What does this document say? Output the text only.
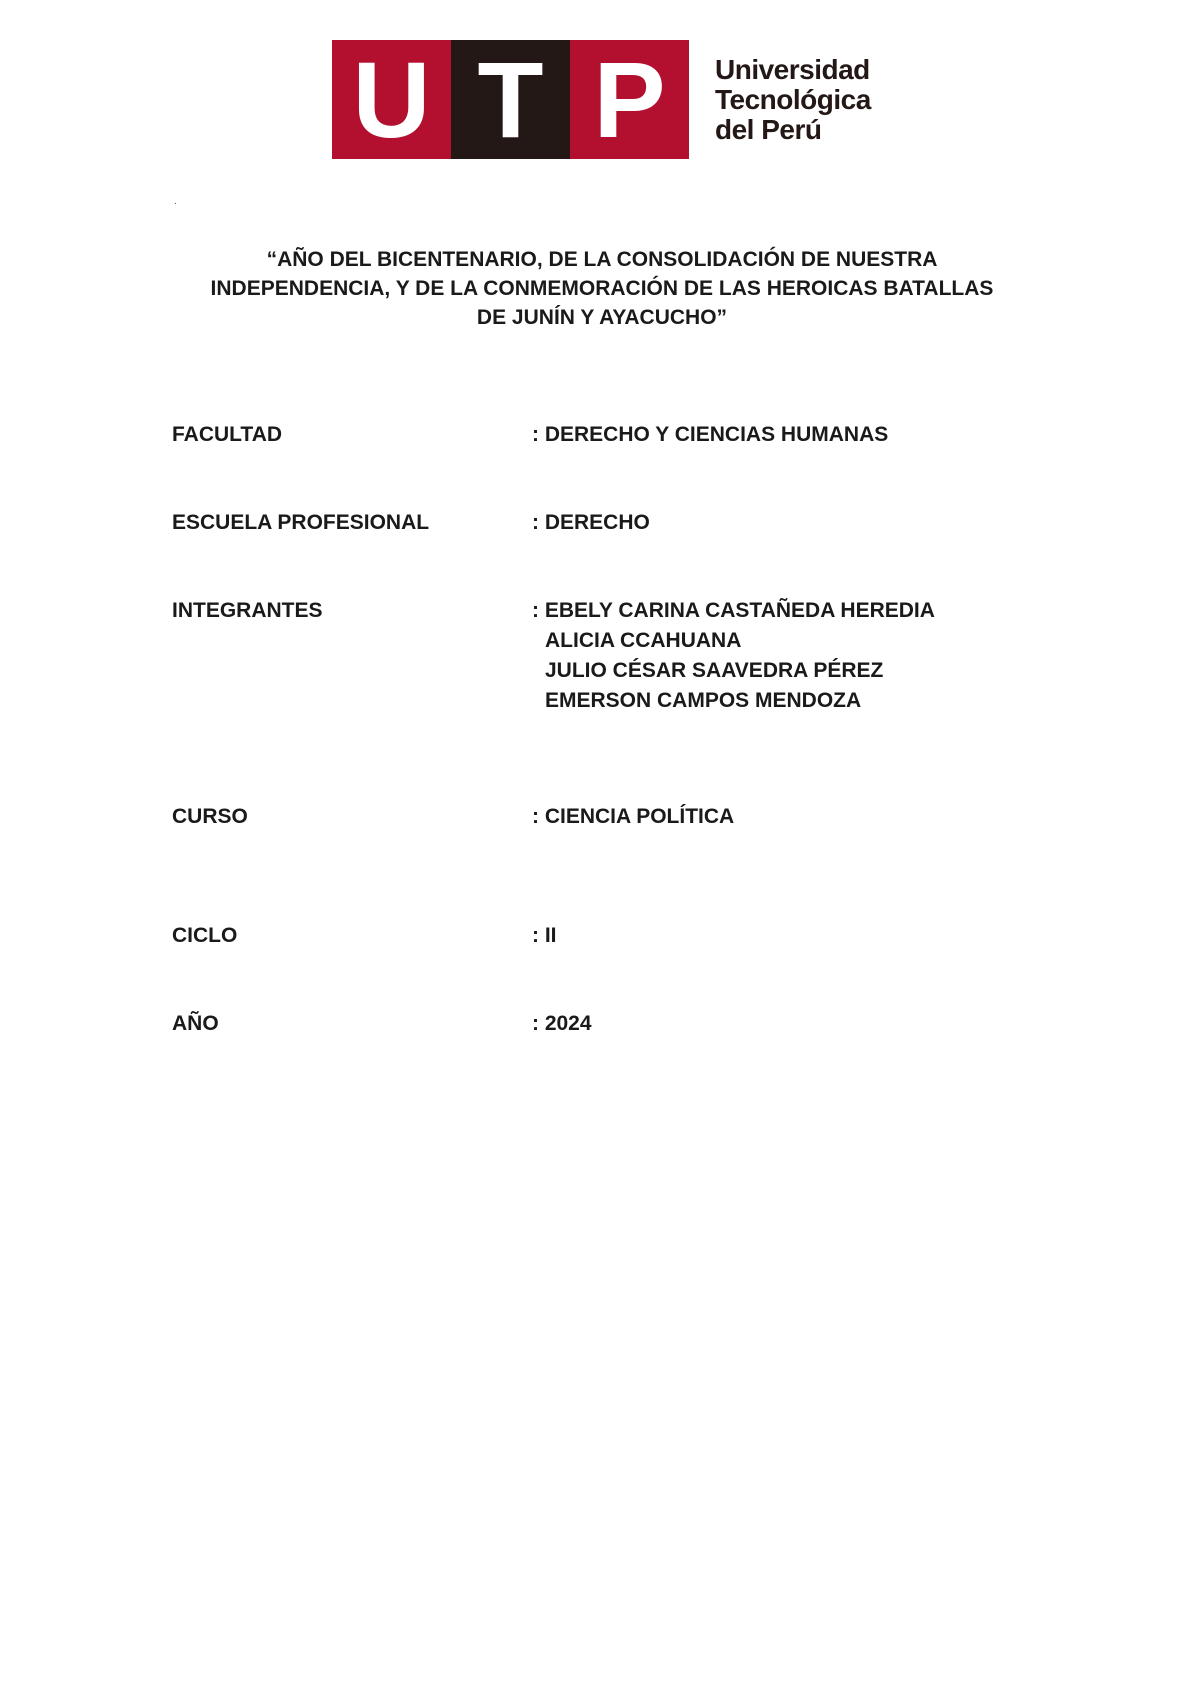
U T P	Universidad
Tecnológica
del Perú
.
“AÑO DEL BICENTENARIO, DE LA CONSOLIDACIÓN DE NUESTRA
INDEPENDENCIA, Y DE LA CONMEMORACIÓN DE LAS HEROICAS BATALLAS
DE JUNÍN Y AYACUCHO”
FACULTAD	: DERECHO Y CIENCIAS HUMANAS
ESCUELA PROFESIONAL	: DERECHO
INTEGRANTES	: EBELY CARINA CASTAÑEDA HEREDIA
ALICIA CCAHUANA
JULIO CÉSAR SAAVEDRA PÉREZ
EMERSON CAMPOS MENDOZA
CURSO	: CIENCIA POLÍTICA
CICLO	: II
AÑO	: 2024
